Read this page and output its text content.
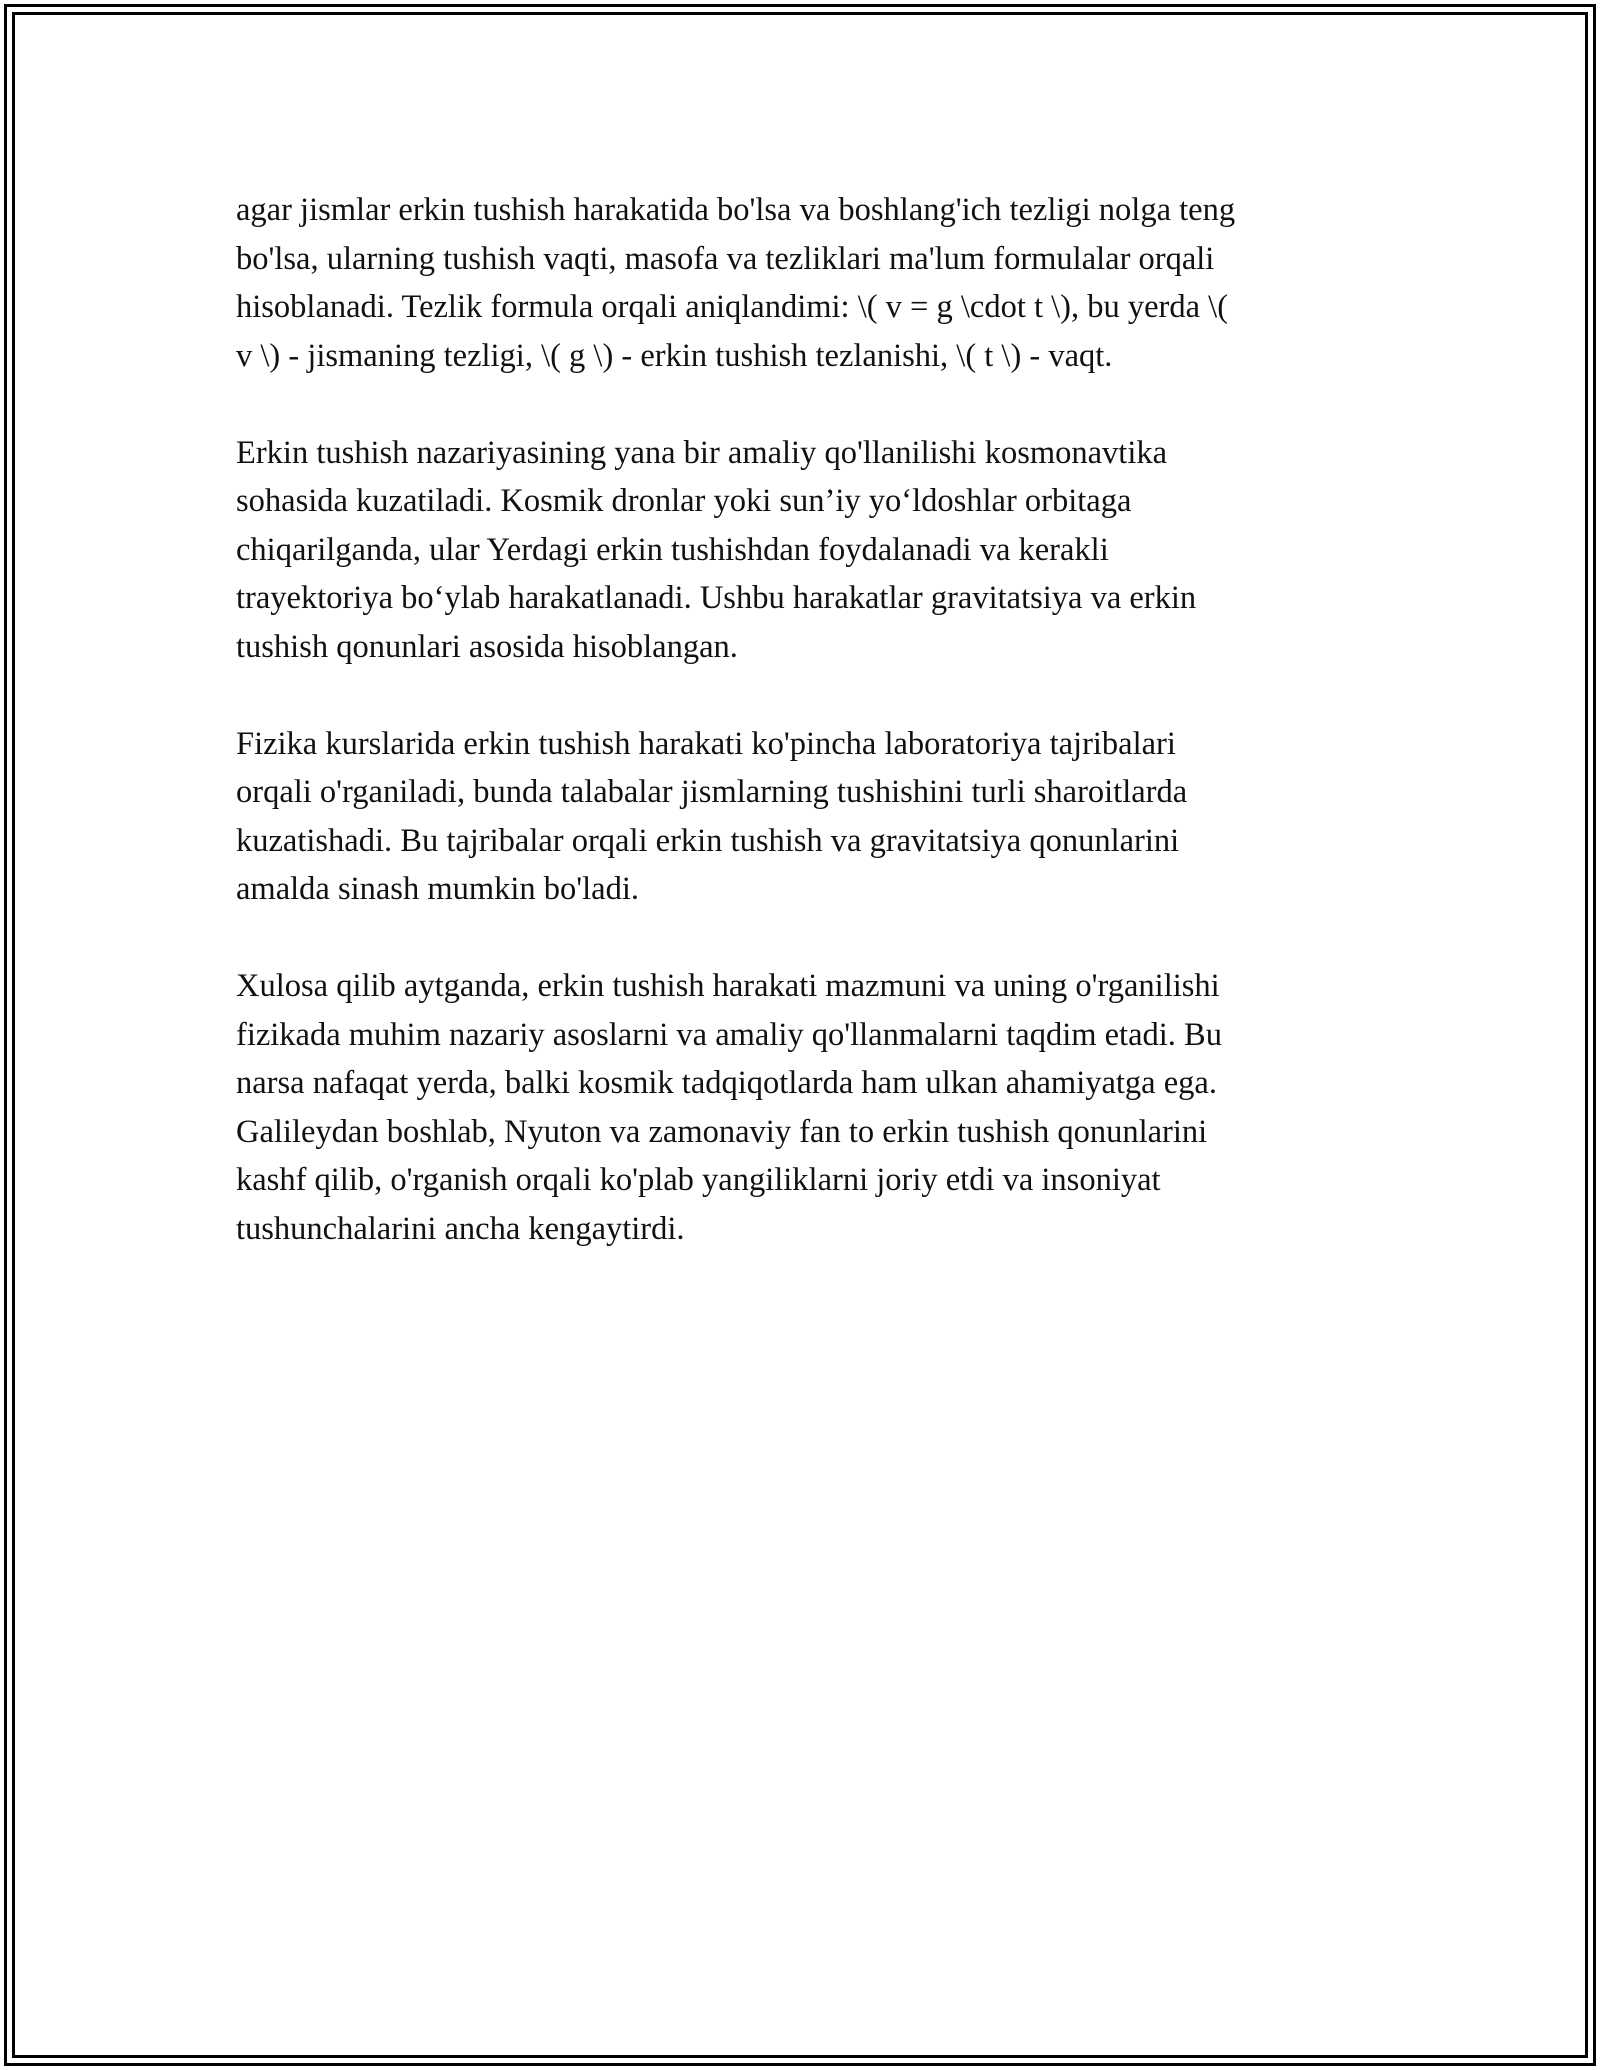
agar jismlar erkin tushish harakatida bo'lsa va boshlang'ich tezligi nolga teng
bo'lsa, ularning tushish vaqti, masofa va tezliklari ma'lum formulalar orqali
hisoblanadi. Tezlik formula orqali aniqlandimi: \( v = g \cdot t \), bu yerda \(
v \) - jismaning tezligi, \( g \) - erkin tushish tezlanishi, \( t \) - vaqt.

Erkin tushish nazariyasining yana bir amaliy qo'llanilishi kosmonavtika
sohasida kuzatiladi. Kosmik dronlar yoki sun’iy yo‘ldoshlar orbitaga
chiqarilganda, ular Yerdagi erkin tushishdan foydalanadi va kerakli
trayektoriya bo‘ylab harakatlanadi. Ushbu harakatlar gravitatsiya va erkin
tushish qonunlari asosida hisoblangan.

Fizika kurslarida erkin tushish harakati ko'pincha laboratoriya tajribalari
orqali o'rganiladi, bunda talabalar jismlarning tushishini turli sharoitlarda
kuzatishadi. Bu tajribalar orqali erkin tushish va gravitatsiya qonunlarini
amalda sinash mumkin bo'ladi.

Xulosa qilib aytganda, erkin tushish harakati mazmuni va uning o'rganilishi
fizikada muhim nazariy asoslarni va amaliy qo'llanmalarni taqdim etadi. Bu
narsa nafaqat yerda, balki kosmik tadqiqotlarda ham ulkan ahamiyatga ega.
Galileydan boshlab, Nyuton va zamonaviy fan to erkin tushish qonunlarini
kashf qilib, o'rganish orqali ko'plab yangiliklarni joriy etdi va insoniyat
tushunchalarini ancha kengaytirdi.
